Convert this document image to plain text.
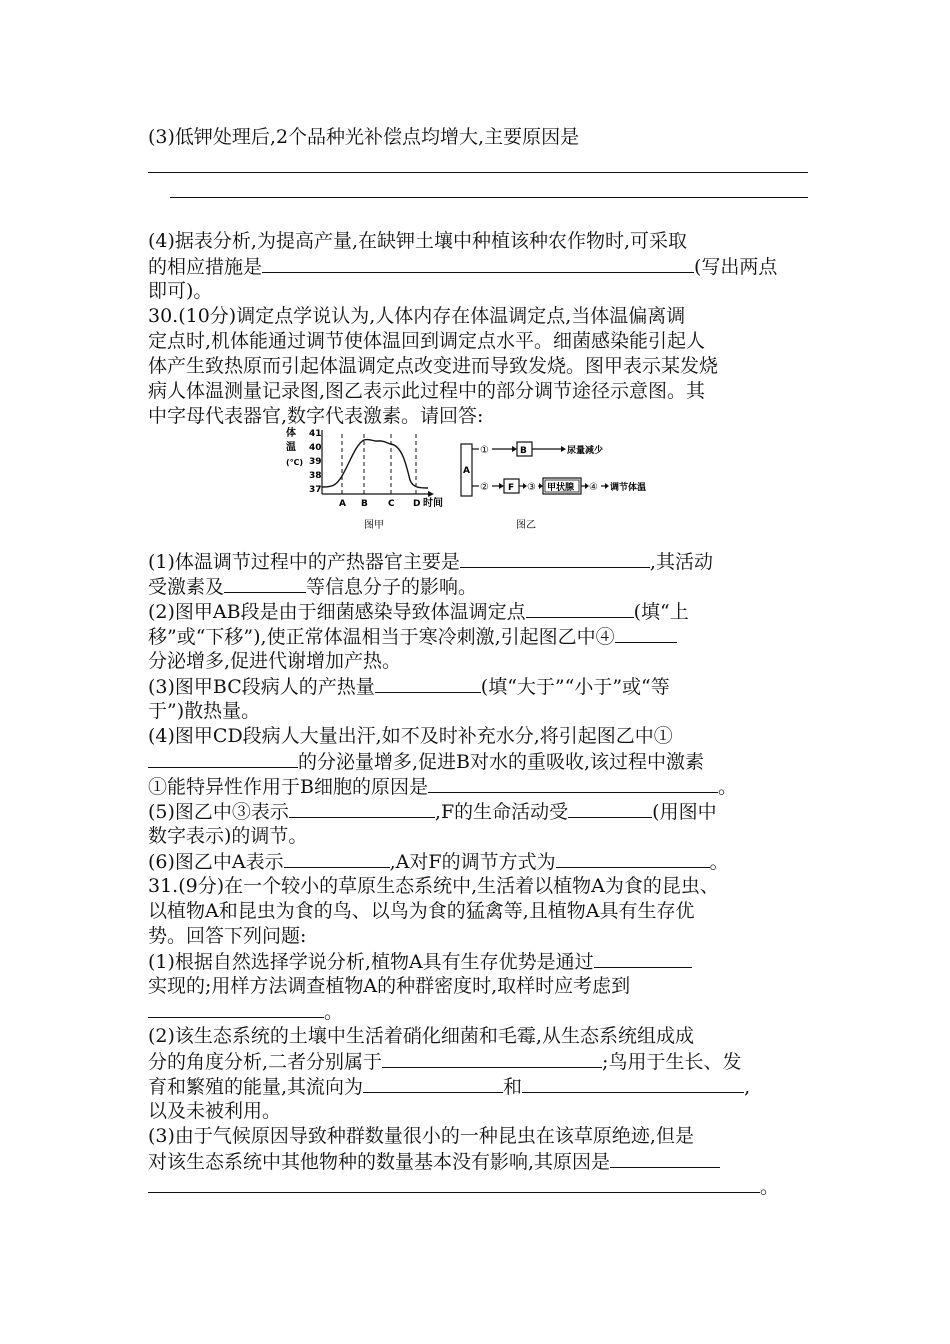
(3)低钾处理后,2个品种光补偿点均增大,主要原因是
(4)据表分析,为提高产量,在缺钾土壤中种植该种农作物时,可采取
的相应措施是	(写出两点
即可)。
30.(10分)调定点学说认为,人体内存在体温调定点,当体温偏离调
定点时,机体能通过调节使体温回到调定点水平。细菌感染能引起人
体产生致热原而引起体温调定点改变进而导致发烧。图甲表示某发烧
病人体温测量记录图,图乙表示此过程中的部分调节途径示意图。其
中字母代表器官,数字代表激素。请回答:
体
温
(℃)
41
40
39
38
37
A B C D 时间
图甲
A
①	B	尿量减少
② F ③ 甲状腺 ④ 调节体温
图乙
(1)体温调节过程中的产热器官主要是	,其活动
受激素及	等信息分子的影响。
(2)图甲AB段是由于细菌感染导致体温调定点	(填“上
移”或“下移”),使正常体温相当于寒冷刺激,引起图乙中④
分泌增多,促进代谢增加产热。
(3)图甲BC段病人的产热量	(填“大于”“小于”或“等
于”)散热量。
(4)图甲CD段病人大量出汗,如不及时补充水分,将引起图乙中①
的分泌量增多,促进B对水的重吸收,该过程中激素
①能特异性作用于B细胞的原因是	。
(5)图乙中③表示	,F的生命活动受	(用图中
数字表示)的调节。
(6)图乙中A表示	,A对F的调节方式为	。
31.(9分)在一个较小的草原生态系统中,生活着以植物A为食的昆虫、
以植物A和昆虫为食的鸟、以鸟为食的猛禽等,且植物A具有生存优
势。回答下列问题:
(1)根据自然选择学说分析,植物A具有生存优势是通过
实现的;用样方法调查植物A的种群密度时,取样时应考虑到
。
(2)该生态系统的土壤中生活着硝化细菌和毛霉,从生态系统组成成
分的角度分析,二者分别属于	;鸟用于生长、发
育和繁殖的能量,其流向为	和	,
以及未被利用。
(3)由于气候原因导致种群数量很小的一种昆虫在该草原绝迹,但是
对该生态系统中其他物种的数量基本没有影响,其原因是
。
